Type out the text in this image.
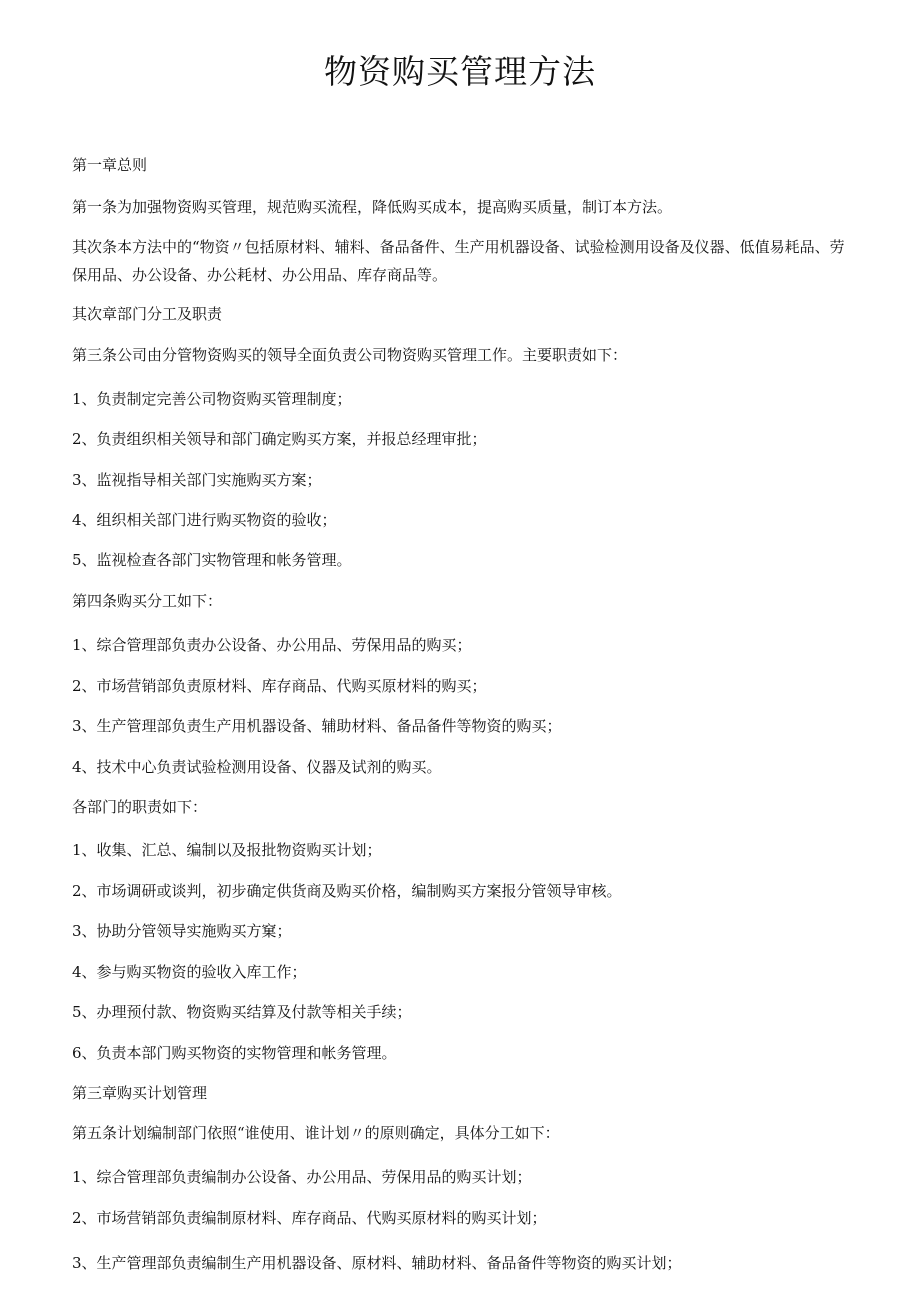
物资购买管理方法

第一章总则

第一条为加强物资购买管理，规范购买流程，降低购买成本，提高购买质量，制订本方法。

其次条本方法中的“物资〃包括原材料、辅料、备品备件、生产用机器设备、试验检测用设备及仪器、低值易耗品、劳保用品、办公设备、办公耗材、办公用品、库存商品等。

其次章部门分工及职责

第三条公司由分管物资购买的领导全面负责公司物资购买管理工作。主要职责如下：

1、负责制定完善公司物资购买管理制度；

2、负责组织相关领导和部门确定购买方案，并报总经理审批；

3、监视指导相关部门实施购买方案；

4、组织相关部门进行购买物资的验收；

5、监视检查各部门实物管理和帐务管理。

第四条购买分工如下：

1、综合管理部负责办公设备、办公用品、劳保用品的购买；

2、市场营销部负责原材料、库存商品、代购买原材料的购买；

3、生产管理部负责生产用机器设备、辅助材料、备品备件等物资的购买；

4、技术中心负责试验检测用设备、仪器及试剂的购买。

各部门的职责如下：

1、收集、汇总、编制以及报批物资购买计划；

2、市场调研或谈判，初步确定供货商及购买价格，编制购买方案报分管领导审核。

3、协助分管领导实施购买方窠；

4、参与购买物资的验收入库工作；

5、办理预付款、物资购买结算及付款等相关手续；

6、负责本部门购买物资的实物管理和帐务管理。

第三章购买计划管理

第五条计划编制部门依照“谁使用、谁计划〃的原则确定，具体分工如下：

1、综合管理部负责编制办公设备、办公用品、劳保用品的购买计划；

2、市场营销部负责编制原材料、库存商品、代购买原材料的购买计划；

3、生产管理部负责编制生产用机器设备、原材料、辅助材料、备品备件等物资的购买计划；
